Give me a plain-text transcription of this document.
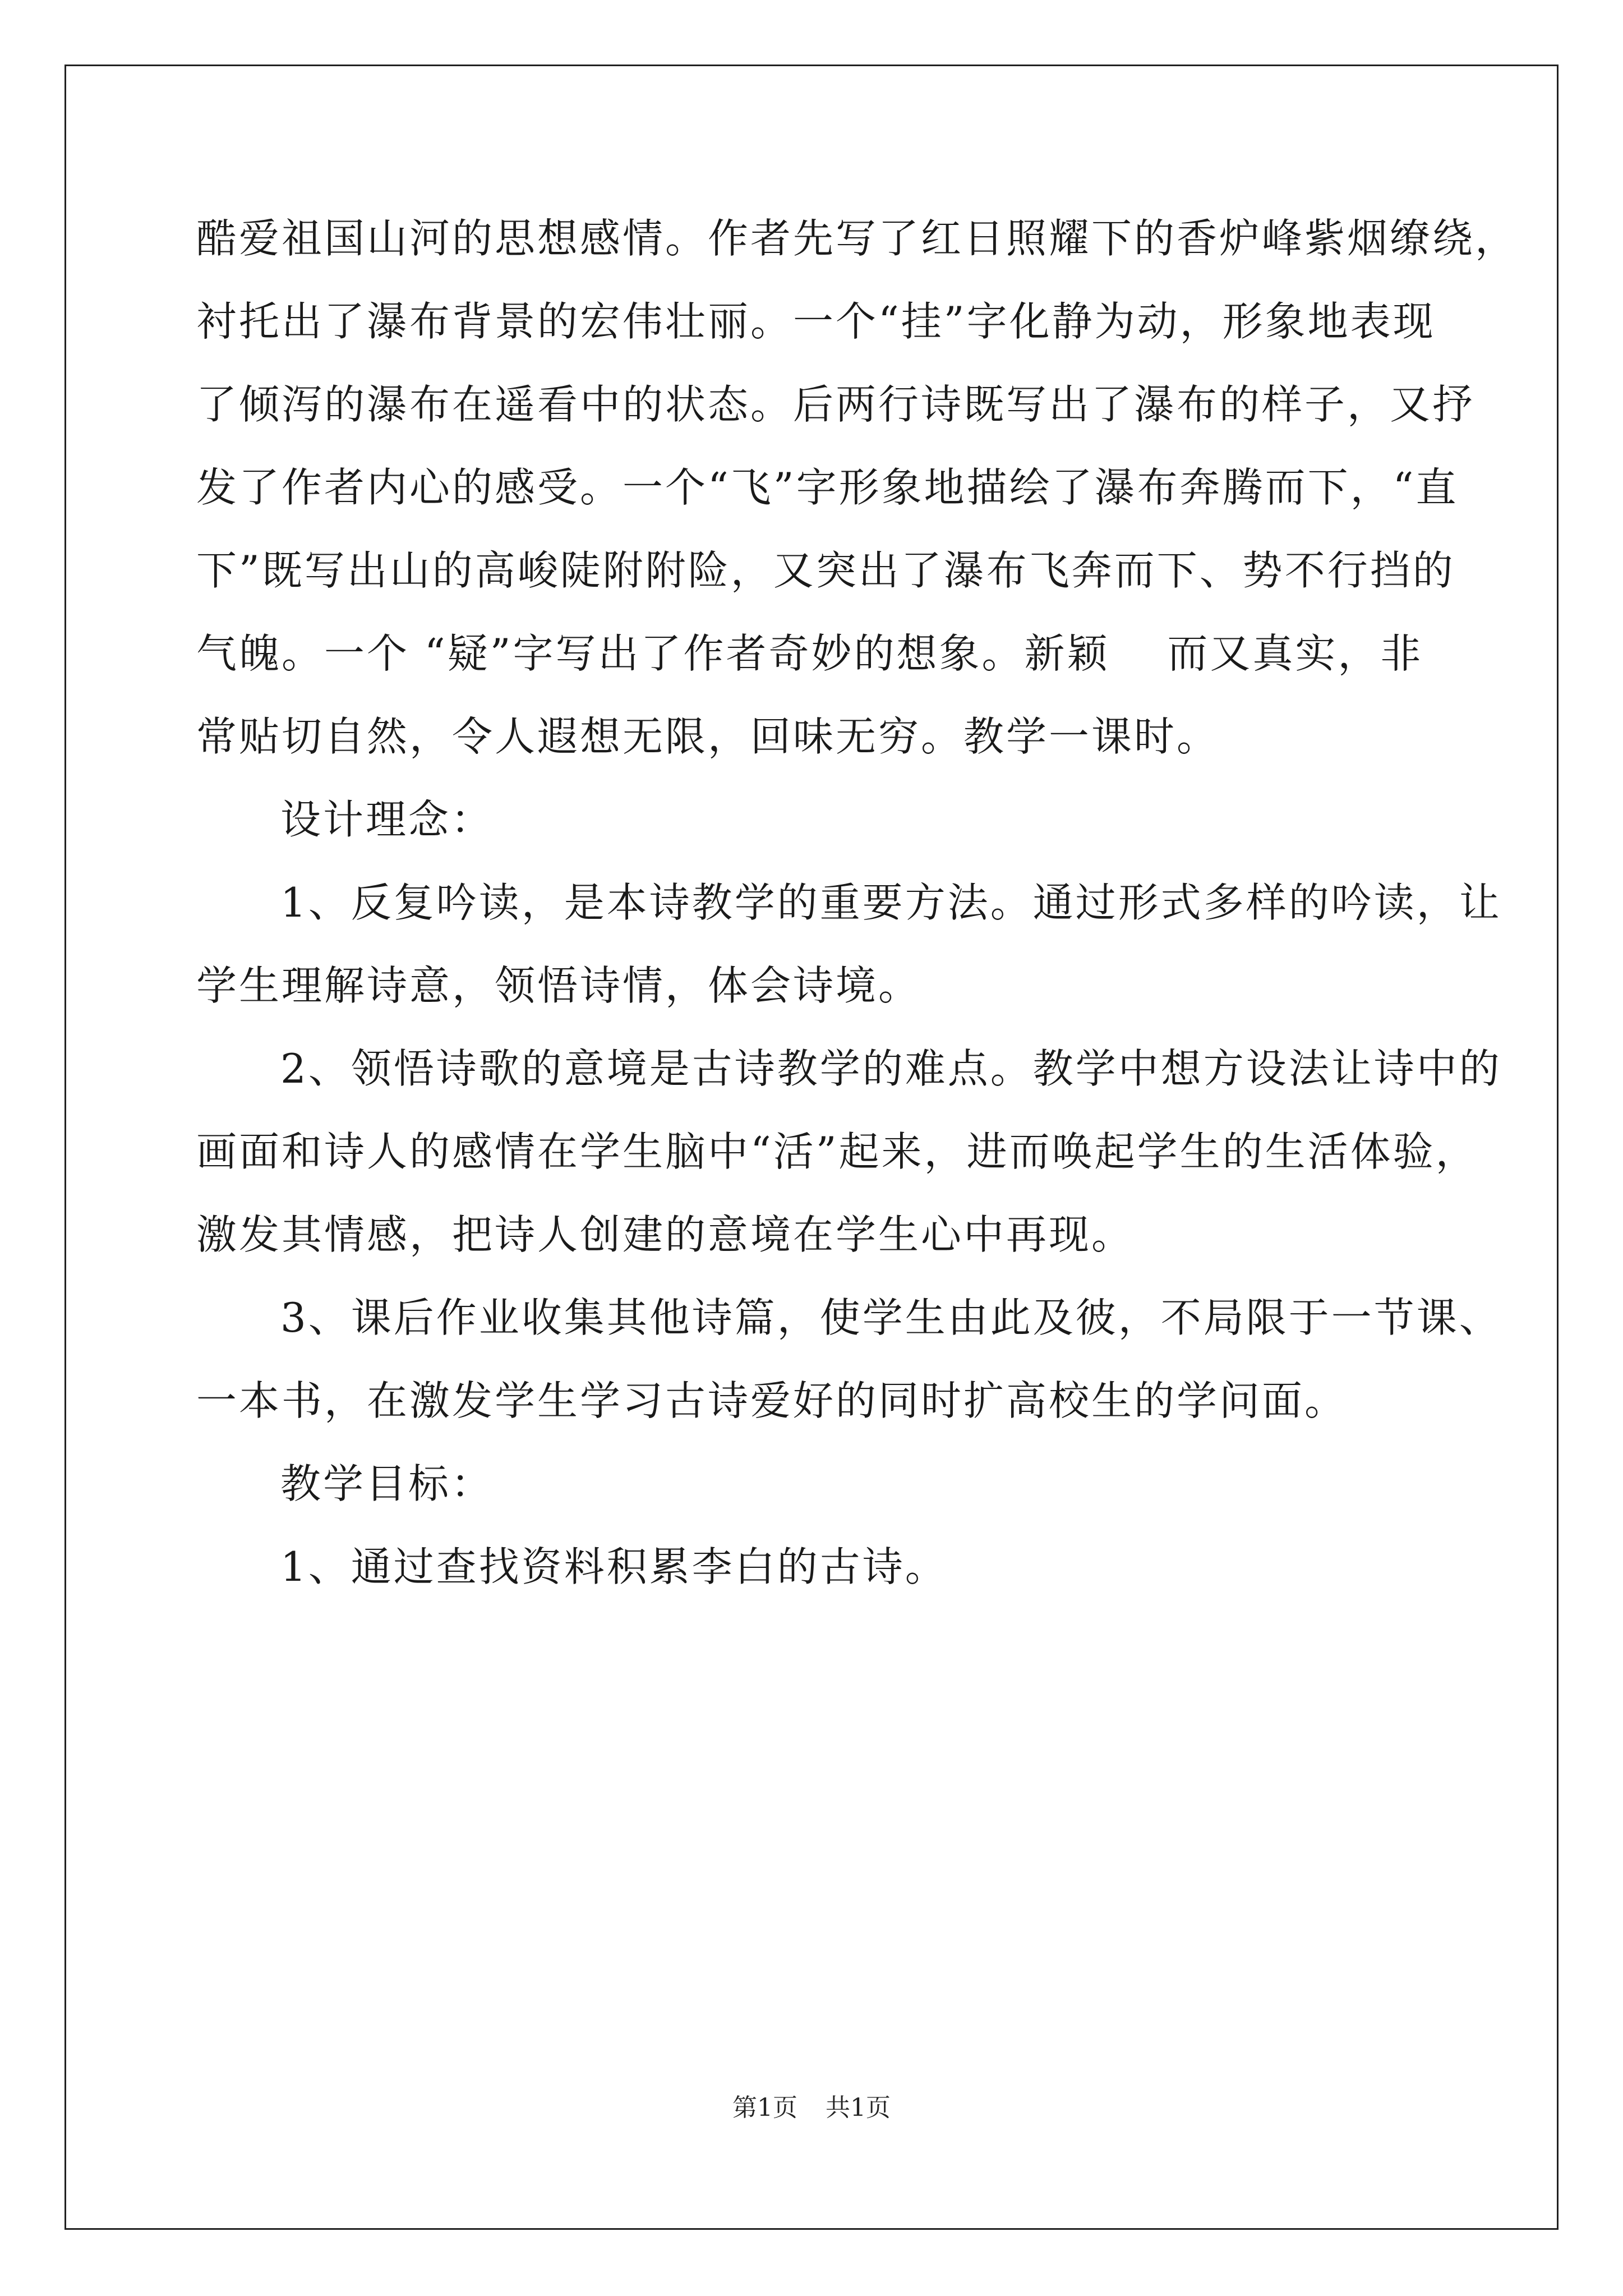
酷爱祖国山河的思想感情。作者先写了红日照耀下的香炉峰紫烟缭绕，
衬托出了瀑布背景的宏伟壮丽。一个“挂”字化静为动，形象地表现
了倾泻的瀑布在遥看中的状态。后两行诗既写出了瀑布的样子，又抒
发了作者内心的感受。一个“飞”字形象地描绘了瀑布奔腾而下，“直
下”既写出山的高峻陡附附险，又突出了瀑布飞奔而下、势不行挡的
气魄。一个 “疑”字写出了作者奇妙的想象。新颖　 而又真实，非
常贴切自然，令人遐想无限，回味无穷。教学一课时。
设计理念：
1、反复吟读，是本诗教学的重要方法。通过形式多样的吟读，让
学生理解诗意，领悟诗情，体会诗境。
2、领悟诗歌的意境是古诗教学的难点。教学中想方设法让诗中的
画面和诗人的感情在学生脑中“活”起来，进而唤起学生的生活体验，
激发其情感，把诗人创建的意境在学生心中再现。
3、课后作业收集其他诗篇，使学生由此及彼，不局限于一节课、
一本书，在激发学生学习古诗爱好的同时扩高校生的学问面。
教学目标：
1、通过查找资料积累李白的古诗。
第1页 共1页
